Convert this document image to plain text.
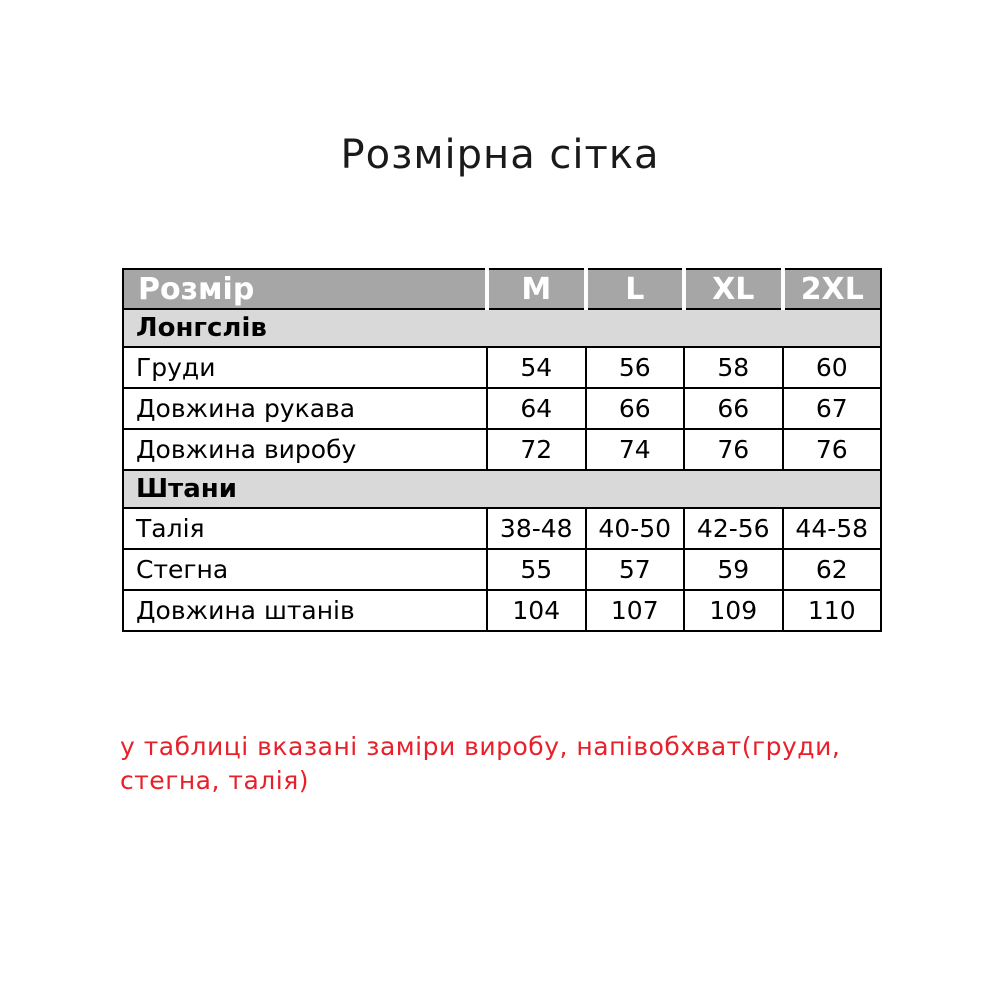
Розмірна сітка
Розмір	M	L	XL	2XL
Лонгслів				
Груди	54	56	58	60
Довжина рукава	64	66	66	67
Довжина виробу	72	74	76	76
Штани				
Талія	38-48	40-50	42-56	44-58
Стегна	55	57	59	62
Довжина штанів	104	107	109	110
у таблиці вказані заміри виробу, напівобхват(груди,
стегна, талія)
